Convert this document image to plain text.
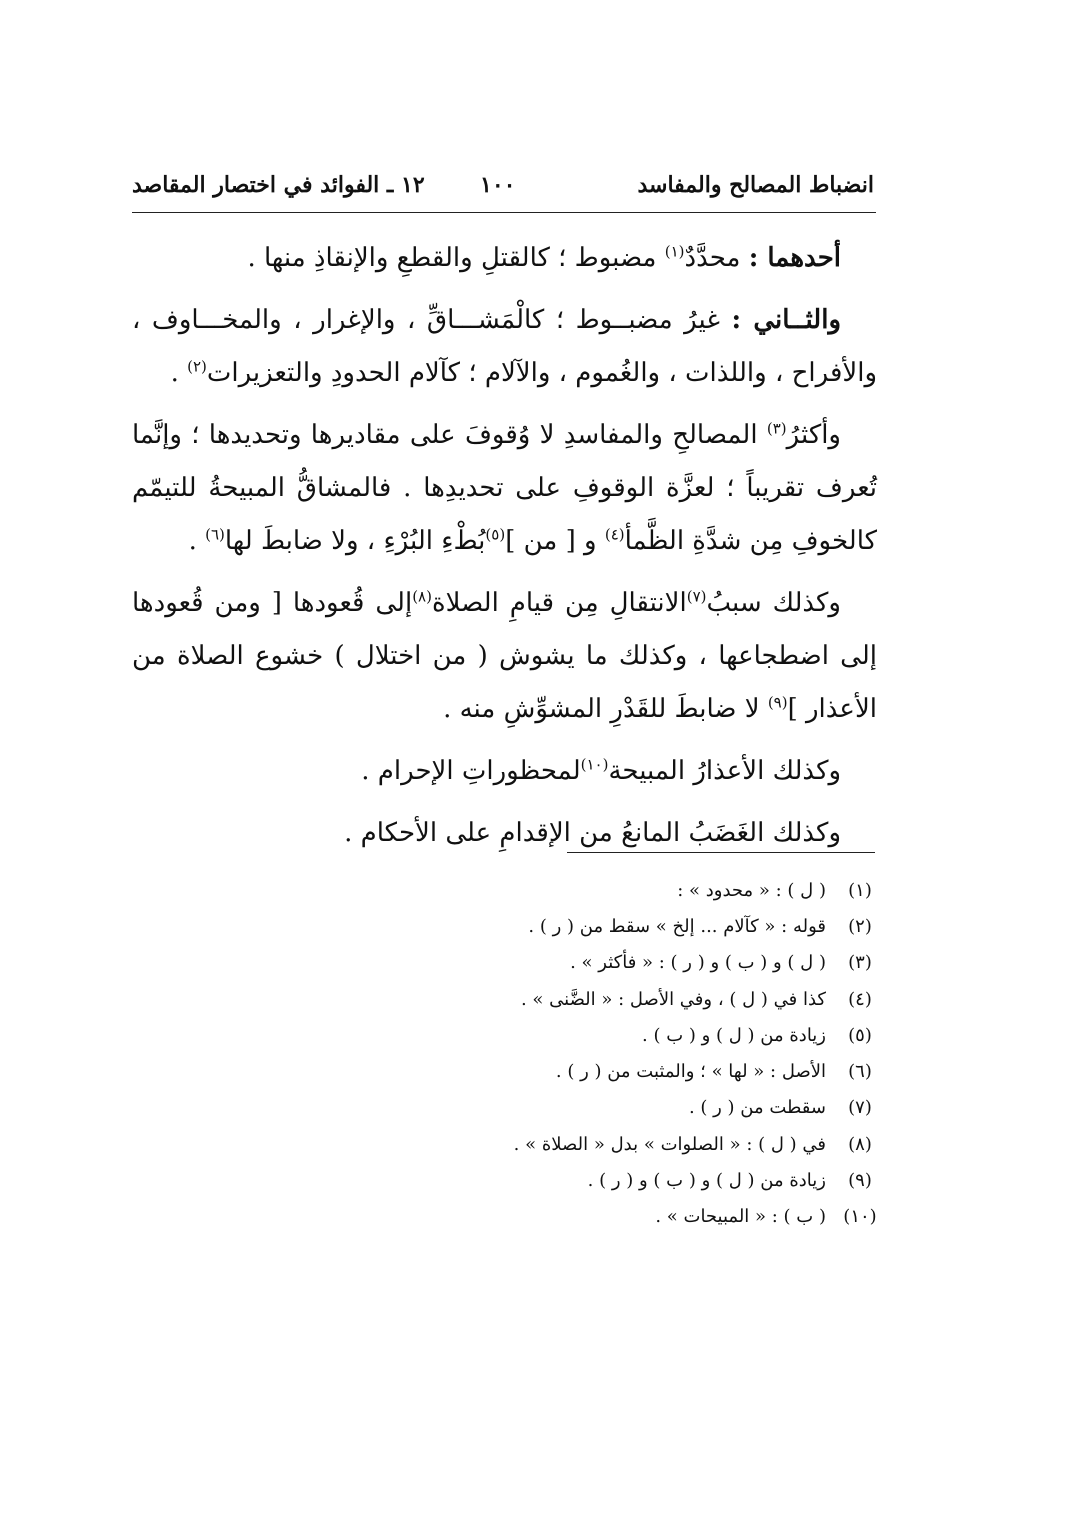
انضباط المصالح والمفاسد
١٠٠
١٢ ـ الفوائد في اختصار المقاصد

أحدهما : محدَّدٌ$^{(١)}$ مضبوط ؛ كالقتلِ والقطعِ والإنقاذِ منها .

والثــاني : غيرُ مضبــوط ؛ كالْمَشـــاقِّ ، والإغرار ، والمخـــاوف ، والأفراح ، واللذات ، والغُموم ، والآلام ؛ كآلام الحدودِ والتعزيرات$^{(٢)}$ .

وأكثرُ$^{(٣)}$ المصالحِ والمفاسدِ لا وُقوفَ على مقاديرها وتحديدها ؛ وإنَّما تُعرف تقريباً ؛ لعزَّة الوقوفِ على تحديدِها . فالمشاقُّ المبيحةُ للتيمّم كالخوفِ مِن شدَّةِ الظَّمأ$^{(٤)}$ و [ من ]$^{(٥)}$بُطْءِ البُرْءِ ، ولا ضابطَ لها$^{(٦)}$ .

وكذلك سببُ$^{(٧)}$الانتقالِ مِن قيامِ الصلاة$^{(٨)}$إلى قُعودها [ ومن قُعودها إلى اضطجاعها ، وكذلك ما يشوش ( من اختلال ) خشوع الصلاة من الأعذار ]$^{(٩)}$ لا ضابطَ للقَدْرِ المشوِّشِ منه .

وكذلك الأعذارُ المبيحة$^{(١٠)}$لمحظوراتِ الإحرام .

وكذلك الغَضَبُ المانعُ من الإقدامِ على الأحكام .

(١)
( ل ) : « محدود » :
(٢)
قوله : « كآلام ... إلخ » سقط من ( ر ) .
(٣)
( ل ) و ( ب ) و ( ر ) : « فأكثر » .
(٤)
كذا في ( ل ) ، وفي الأصل : « الضَّنى » .
(٥)
زيادة من ( ل ) و ( ب ) .
(٦)
الأصل : « لها » ؛ والمثبت من ( ر ) .
(٧)
سقطت من ( ر ) .
(٨)
في ( ل ) : « الصلوات » بدل « الصلاة » .
(٩)
زيادة من ( ل ) و ( ب ) و ( ر ) .
(١٠)
( ب ) : « المبيحات » .
